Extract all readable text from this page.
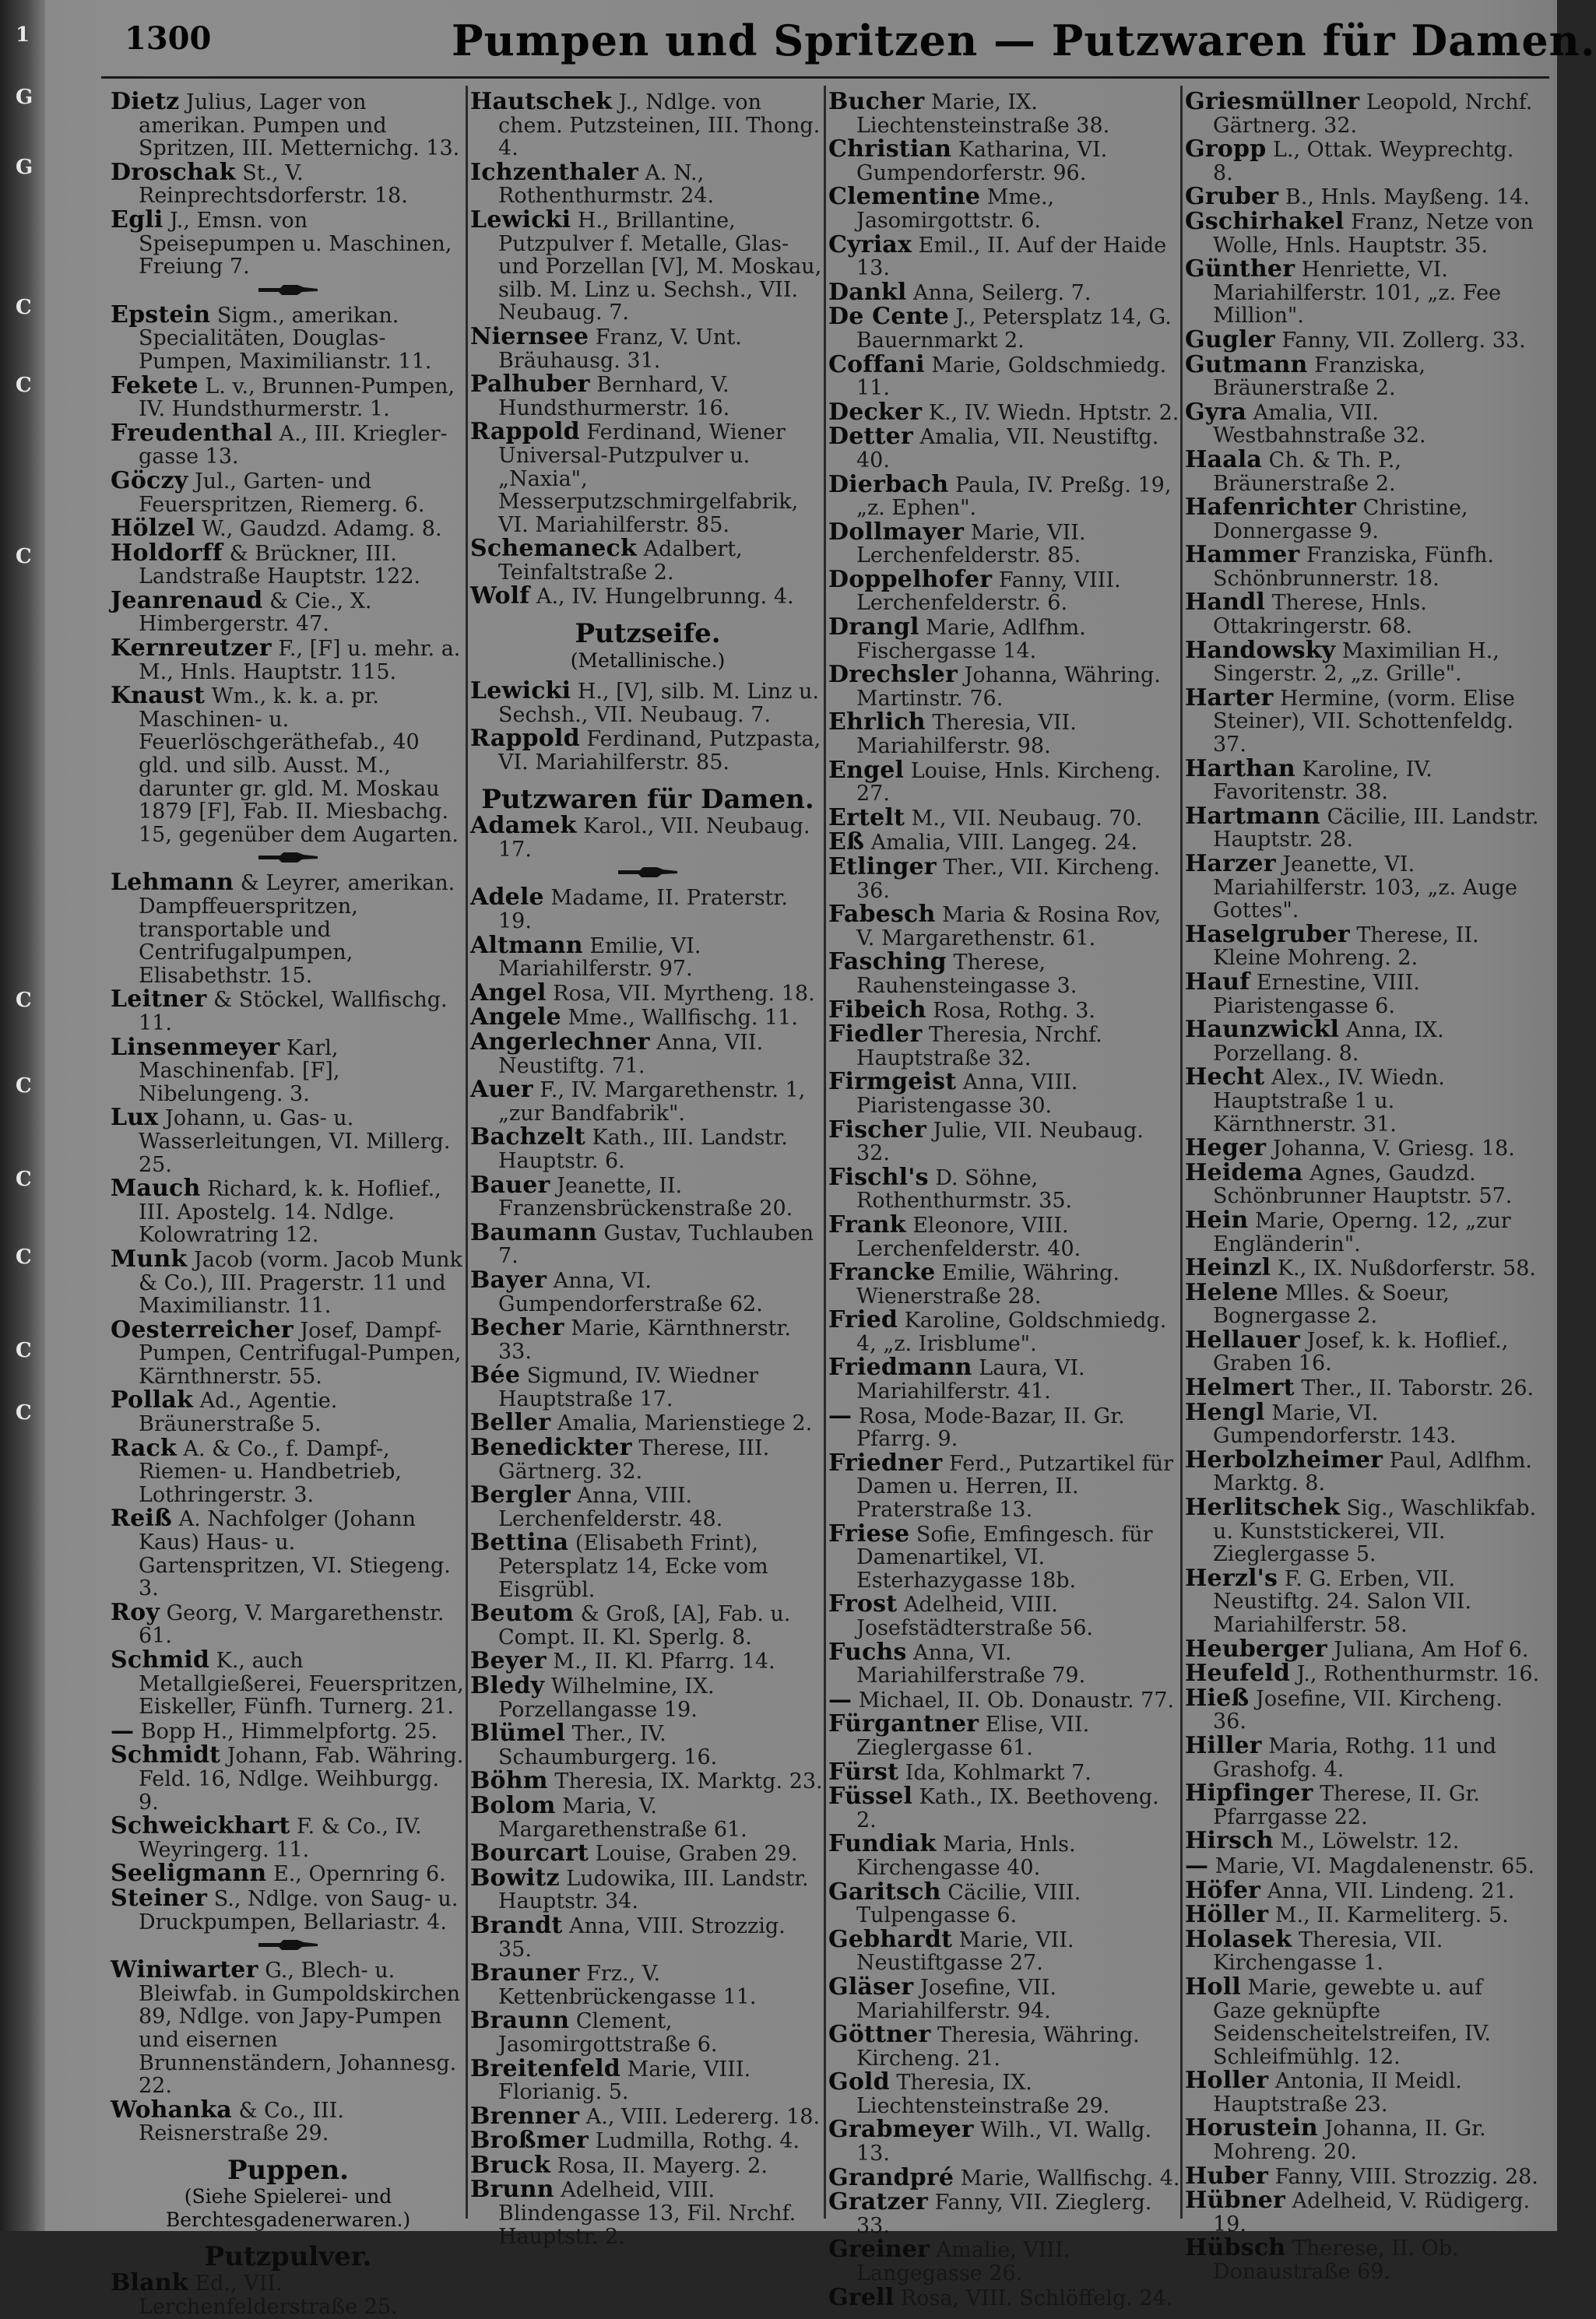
1
G
G
C
C
C
C
C
C
C
C
C
1300	Pumpen und Spritzen — Putzwaren für Damen.
Dietz Julius, Lager von amerikan. Pumpen und Spritzen, III. Metternichg. 13.
Droschak St., V. Reinprechtsdorferstr. 18.
Egli J., Emsn. von Speisepumpen u. Maschinen, Freiung 7.
Epstein Sigm., amerikan. Specialitäten, Douglas-Pumpen, Maximilianstr. 11.
Fekete L. v., Brunnen-Pumpen, IV. Hundsthurmerstr. 1.
Freudenthal A., III. Kriegler-gasse 13.
Göczy Jul., Garten- und Feuerspritzen, Riemerg. 6.
Hölzel W., Gaudzd. Adamg. 8.
Holdorff & Brückner, III. Landstraße Hauptstr. 122.
Jeanrenaud & Cie., X. Himbergerstr. 47.
Kernreutzer F., [F] u. mehr. a. M., Hnls. Hauptstr. 115.
Knaust Wm., k. k. a. pr. Maschinen- u. Feuerlöschgeräthefab., 40 gld. und silb. Ausst. M., darunter gr. gld. M. Moskau 1879 [F], Fab. II. Miesbachg. 15, gegenüber dem Augarten.
Lehmann & Leyrer, amerikan. Dampffeuerspritzen, transportable und Centrifugalpumpen, Elisabethstr. 15.
Leitner & Stöckel, Wallfischg. 11.
Linsenmeyer Karl, Maschinenfab. [F], Nibelungeng. 3.
Lux Johann, u. Gas- u. Wasserleitungen, VI. Millerg. 25.
Mauch Richard, k. k. Hoflief., III. Apostelg. 14. Ndlge. Kolowratring 12.
Munk Jacob (vorm. Jacob Munk & Co.), III. Pragerstr. 11 und Maximilianstr. 11.
Oesterreicher Josef, Dampf-Pumpen, Centrifugal-Pumpen, Kärnthnerstr. 55.
Pollak Ad., Agentie. Bräunerstraße 5.
Rack A. & Co., f. Dampf-, Riemen- u. Handbetrieb, Lothringerstr. 3.
Reiß A. Nachfolger (Johann Kaus) Haus- u. Gartenspritzen, VI. Stiegeng. 3.
Roy Georg, V. Margarethenstr. 61.
Schmid K., auch Metallgießerei, Feuerspritzen, Eiskeller, Fünfh. Turnerg. 21.
— Bopp H., Himmelpfortg. 25.
Schmidt Johann, Fab. Währing. Feld. 16, Ndlge. Weihburgg. 9.
Schweickhart F. & Co., IV. Weyringerg. 11.
Seeligmann E., Opernring 6.
Steiner S., Ndlge. von Saug- u. Druckpumpen, Bellariastr. 4.
Winiwarter G., Blech- u. Bleiwfab. in Gumpoldskirchen 89, Ndlge. von Japy-Pumpen und eisernen Brunnenständern, Johannesg. 22.
Wohanka & Co., III. Reisnerstraße 29.
Puppen.
(Siehe Spielerei- und Berchtesgadenerwaren.)
Putzpulver.
Blank Ed., VII. Lerchenfelderstraße 25.
Hautschek J., Ndlge. von chem. Putzsteinen, III. Thong. 4.
Ichzenthaler A. N., Rothenthurmstr. 24.
Lewicki H., Brillantine, Putzpulver f. Metalle, Glas- und Porzellan [V], M. Moskau, silb. M. Linz u. Sechsh., VII. Neubaug. 7.
Niernsee Franz, V. Unt. Bräuhausg. 31.
Palhuber Bernhard, V. Hundsthurmerstr. 16.
Rappold Ferdinand, Wiener Universal-Putzpulver u. „Naxia", Messerputzschmirgelfabrik, VI. Mariahilferstr. 85.
Schemaneck Adalbert, Teinfaltstraße 2.
Wolf A., IV. Hungelbrunng. 4.
Putzseife.
(Metallinische.)
Lewicki H., [V], silb. M. Linz u. Sechsh., VII. Neubaug. 7.
Rappold Ferdinand, Putzpasta, VI. Mariahilferstr. 85.
Putzwaren für Damen.
Adamek Karol., VII. Neubaug. 17.
Adele Madame, II. Praterstr. 19.
Altmann Emilie, VI. Mariahilferstr. 97.
Angel Rosa, VII. Myrtheng. 18.
Angele Mme., Wallfischg. 11.
Angerlechner Anna, VII. Neustiftg. 71.
Auer F., IV. Margarethenstr. 1, „zur Bandfabrik".
Bachzelt Kath., III. Landstr. Hauptstr. 6.
Bauer Jeanette, II. Franzensbrückenstraße 20.
Baumann Gustav, Tuchlauben 7.
Bayer Anna, VI. Gumpendorferstraße 62.
Becher Marie, Kärnthnerstr. 33.
Bée Sigmund, IV. Wiedner Hauptstraße 17.
Beller Amalia, Marienstiege 2.
Benedickter Therese, III. Gärtnerg. 32.
Bergler Anna, VIII. Lerchenfelderstr. 48.
Bettina (Elisabeth Frint), Petersplatz 14, Ecke vom Eisgrübl.
Beutom & Groß, [A], Fab. u. Compt. II. Kl. Sperlg. 8.
Beyer M., II. Kl. Pfarrg. 14.
Bledy Wilhelmine, IX. Porzellangasse 19.
Blümel Ther., IV. Schaumburgerg. 16.
Böhm Theresia, IX. Marktg. 23.
Bolom Maria, V. Margarethenstraße 61.
Bourcart Louise, Graben 29.
Bowitz Ludowika, III. Landstr. Hauptstr. 34.
Brandt Anna, VIII. Strozzig. 35.
Brauner Frz., V. Kettenbrückengasse 11.
Braunn Clement, Jasomirgottstraße 6.
Breitenfeld Marie, VIII. Florianig. 5.
Brenner A., VIII. Ledererg. 18.
Broßmer Ludmilla, Rothg. 4.
Bruck Rosa, II. Mayerg. 2.
Brunn Adelheid, VIII. Blindengasse 13, Fil. Nrchf. Hauptstr. 2.
Bucher Marie, IX. Liechtensteinstraße 38.
Christian Katharina, VI. Gumpendorferstr. 96.
Clementine Mme., Jasomirgottstr. 6.
Cyriax Emil., II. Auf der Haide 13.
Dankl Anna, Seilerg. 7.
De Cente J., Petersplatz 14, G. Bauernmarkt 2.
Coffani Marie, Goldschmiedg. 11.
Decker K., IV. Wiedn. Hptstr. 2.
Detter Amalia, VII. Neustiftg. 40.
Dierbach Paula, IV. Preßg. 19, „z. Ephen".
Dollmayer Marie, VII. Lerchenfelderstr. 85.
Doppelhofer Fanny, VIII. Lerchenfelderstr. 6.
Drangl Marie, Adlfhm. Fischergasse 14.
Drechsler Johanna, Währing. Martinstr. 76.
Ehrlich Theresia, VII. Mariahilferstr. 98.
Engel Louise, Hnls. Kircheng. 27.
Ertelt M., VII. Neubaug. 70.
Eß Amalia, VIII. Langeg. 24.
Etlinger Ther., VII. Kircheng. 36.
Fabesch Maria & Rosina Rov, V. Margarethenstr. 61.
Fasching Therese, Rauhensteingasse 3.
Fibeich Rosa, Rothg. 3.
Fiedler Theresia, Nrchf. Hauptstraße 32.
Firmgeist Anna, VIII. Piaristengasse 30.
Fischer Julie, VII. Neubaug. 32.
Fischl's D. Söhne, Rothenthurmstr. 35.
Frank Eleonore, VIII. Lerchenfelderstr. 40.
Francke Emilie, Währing. Wienerstraße 28.
Fried Karoline, Goldschmiedg. 4, „z. Irisblume".
Friedmann Laura, VI. Mariahilferstr. 41.
— Rosa, Mode-Bazar, II. Gr. Pfarrg. 9.
Friedner Ferd., Putzartikel für Damen u. Herren, II. Praterstraße 13.
Friese Sofie, Emfingesch. für Damenartikel, VI. Esterhazygasse 18b.
Frost Adelheid, VIII. Josefstädterstraße 56.
Fuchs Anna, VI. Mariahilferstraße 79.
— Michael, II. Ob. Donaustr. 77.
Fürgantner Elise, VII. Zieglergasse 61.
Fürst Ida, Kohlmarkt 7.
Füssel Kath., IX. Beethoveng. 2.
Fundiak Maria, Hnls. Kirchengasse 40.
Garitsch Cäcilie, VIII. Tulpengasse 6.
Gebhardt Marie, VII. Neustiftgasse 27.
Gläser Josefine, VII. Mariahilferstr. 94.
Göttner Theresia, Währing. Kircheng. 21.
Gold Theresia, IX. Liechtensteinstraße 29.
Grabmeyer Wilh., VI. Wallg. 13.
Grandpré Marie, Wallfischg. 4.
Gratzer Fanny, VII. Zieglerg. 33.
Greiner Amalie, VIII. Langegasse 26.
Grell Rosa, VIII. Schlöffelg. 24.
Griesmüllner Leopold, Nrchf. Gärtnerg. 32.
Gropp L., Ottak. Weyprechtg. 8.
Gruber B., Hnls. Mayßeng. 14.
Gschirhakel Franz, Netze von Wolle, Hnls. Hauptstr. 35.
Günther Henriette, VI. Mariahilferstr. 101, „z. Fee Million".
Gugler Fanny, VII. Zollerg. 33.
Gutmann Franziska, Bräunerstraße 2.
Gyra Amalia, VII. Westbahnstraße 32.
Haala Ch. & Th. P., Bräunerstraße 2.
Hafenrichter Christine, Donnergasse 9.
Hammer Franziska, Fünfh. Schönbrunnerstr. 18.
Handl Therese, Hnls. Ottakringerstr. 68.
Handowsky Maximilian H., Singerstr. 2, „z. Grille".
Harter Hermine, (vorm. Elise Steiner), VII. Schottenfeldg. 37.
Harthan Karoline, IV. Favoritenstr. 38.
Hartmann Cäcilie, III. Landstr. Hauptstr. 28.
Harzer Jeanette, VI. Mariahilferstr. 103, „z. Auge Gottes".
Haselgruber Therese, II. Kleine Mohreng. 2.
Hauf Ernestine, VIII. Piaristengasse 6.
Haunzwickl Anna, IX. Porzellang. 8.
Hecht Alex., IV. Wiedn. Hauptstraße 1 u. Kärnthnerstr. 31.
Heger Johanna, V. Griesg. 18.
Heidema Agnes, Gaudzd. Schönbrunner Hauptstr. 57.
Hein Marie, Operng. 12, „zur Engländerin".
Heinzl K., IX. Nußdorferstr. 58.
Helene Mlles. & Soeur, Bognergasse 2.
Hellauer Josef, k. k. Hoflief., Graben 16.
Helmert Ther., II. Taborstr. 26.
Hengl Marie, VI. Gumpendorferstr. 143.
Herbolzheimer Paul, Adlfhm. Marktg. 8.
Herlitschek Sig., Waschlikfab. u. Kunststickerei, VII. Zieglergasse 5.
Herzl's F. G. Erben, VII. Neustiftg. 24. Salon VII. Mariahilferstr. 58.
Heuberger Juliana, Am Hof 6.
Heufeld J., Rothenthurmstr. 16.
Hieß Josefine, VII. Kircheng. 36.
Hiller Maria, Rothg. 11 und Grashofg. 4.
Hipfinger Therese, II. Gr. Pfarrgasse 22.
Hirsch M., Löwelstr. 12.
— Marie, VI. Magdalenenstr. 65.
Höfer Anna, VII. Lindeng. 21.
Höller M., II. Karmeliterg. 5.
Holasek Theresia, VII. Kirchengasse 1.
Holl Marie, gewebte u. auf Gaze geknüpfte Seidenscheitelstreifen, IV. Schleifmühlg. 12.
Holler Antonia, II Meidl. Hauptstraße 23.
Horustein Johanna, II. Gr. Mohreng. 20.
Huber Fanny, VIII. Strozzig. 28.
Hübner Adelheid, V. Rüdigerg. 19.
Hübsch Therese, II. Ob. Donaustraße 69.
